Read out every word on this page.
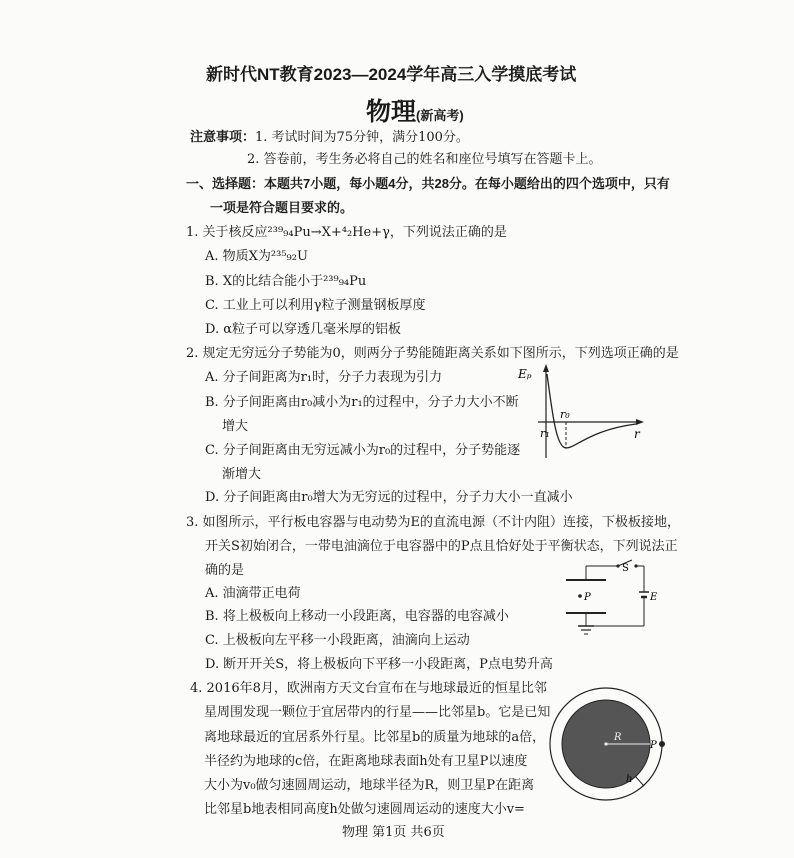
新时代NT教育2023—2024学年高三入学摸底考试
物理(新高考)
注意事项：1. 考试时间为75分钟，满分100分。
2. 答卷前，考生务必将自己的姓名和座位号填写在答题卡上。
一、选择题：本题共7小题，每小题4分，共28分。在每小题给出的四个选项中，只有
一项是符合题目要求的。
1. 关于核反应²³⁹₉₄Pu→X+⁴₂He+γ，下列说法正确的是
A. 物质X为²³⁵₉₂U
B. X的比结合能小于²³⁹₉₄Pu
C. 工业上可以利用γ粒子测量钢板厚度
D. α粒子可以穿透几毫米厚的铝板
2. 规定无穷远分子势能为0，则两分子势能随距离关系如下图所示，下列选项正确的是
A. 分子间距离为r₁时，分子力表现为引力
B. 分子间距离由r₀减小为r₁的过程中，分子力大小不断
增大
C. 分子间距离由无穷远减小为r₀的过程中，分子势能逐
渐增大
D. 分子间距离由r₀增大为无穷远的过程中，分子力大小一直减小
Eₚ
r
r₀
r₁
3. 如图所示，平行板电容器与电动势为E的直流电源（不计内阻）连接，下极板接地，
开关S初始闭合，一带电油滴位于电容器中的P点且恰好处于平衡状态，下列说法正
确的是
A. 油滴带正电荷
B. 将上极板向上移动一小段距离，电容器的电容减小
C. 上极板向左平移一小段距离，油滴向上运动
D. 断开开关S，将上极板向下平移一小段距离，P点电势升高
P
S
E
4. 2016年8月，欧洲南方天文台宣布在与地球最近的恒星比邻
星周围发现一颗位于宜居带内的行星——比邻星b。它是已知
离地球最近的宜居系外行星。比邻星b的质量为地球的a倍，
半径约为地球的c倍，在距离地球表面h处有卫星P以速度
大小为v₀做匀速圆周运动，地球半径为R，则卫星P在距离
比邻星b地表相同高度h处做匀速圆周运动的速度大小v=
R
h
P
物理 第1页 共6页
